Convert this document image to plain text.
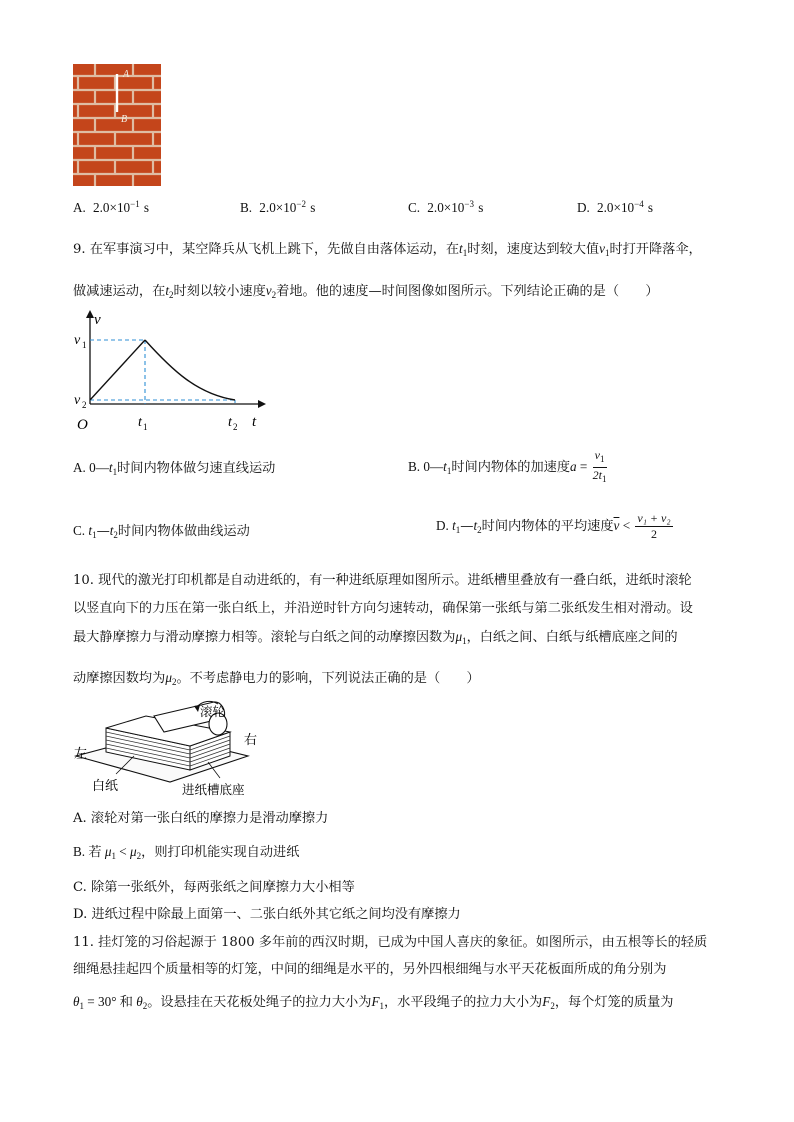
A
B
A. $2.0\times 10^{-1}$ s	B. $2.0\times 10^{-2}$ s	C. $2.0\times 10^{-3}$ s	D. $2.0\times 10^{-4}$ s
9. 在军事演习中，某空降兵从飞机上跳下，先做自由落体运动，在$t_1$时刻，速度达到较大值$v_1$时打开降落伞，
做减速运动，在$t_2$时刻以较小速度$v_2$着地。他的速度—时间图像如图所示。下列结论正确的是（　　）
v
t
O
v 1
v 2
t 1	t 2
A. $0—t_1$时间内物体做匀速直线运动	B. $0—t_1$时间内物体的加速度$a = \frac{v_1}{2t_1}$
C. $t_1—t_2$时间内物体做曲线运动	D. $t_1—t_2$时间内物体的平均速度$\overline{v} < \frac{\text{v₁ + v₂}}{2}$
10. 现代的激光打印机都是自动进纸的，有一种进纸原理如图所示。进纸槽里叠放有一叠白纸，进纸时滚轮
以竖直向下的力压在第一张白纸上，并沿逆时针方向匀速转动，确保第一张纸与第二张纸发生相对滑动。设
最大静摩擦力与滑动摩擦力相等。滚轮与白纸之间的动摩擦因数为$\mu_1$，白纸之间、白纸与纸槽底座之间的
动摩擦因数均为$\mu_2$。不考虑静电力的影响，下列说法正确的是（　　）
滚轮
右
左
白纸	进纸槽底座
A. 滚轮对第一张白纸的摩擦力是滑动摩擦力
B. 若 $\mu_1 < \mu_2$，则打印机能实现自动进纸
C. 除第一张纸外，每两张纸之间摩擦力大小相等
D. 进纸过程中除最上面第一、二张白纸外其它纸之间均没有摩擦力
11. 挂灯笼的习俗起源于 1800 多年前的西汉时期，已成为中国人喜庆的象征。如图所示，由五根等长的轻质
细绳悬挂起四个质量相等的灯笼，中间的细绳是水平的，另外四根细绳与水平天花板面所成的角分别为
$\theta_1 = 30^\circ$ 和 $\theta_2$。设悬挂在天花板处绳子的拉力大小为$F_1$，水平段绳子的拉力大小为$F_2$，每个灯笼的质量为
